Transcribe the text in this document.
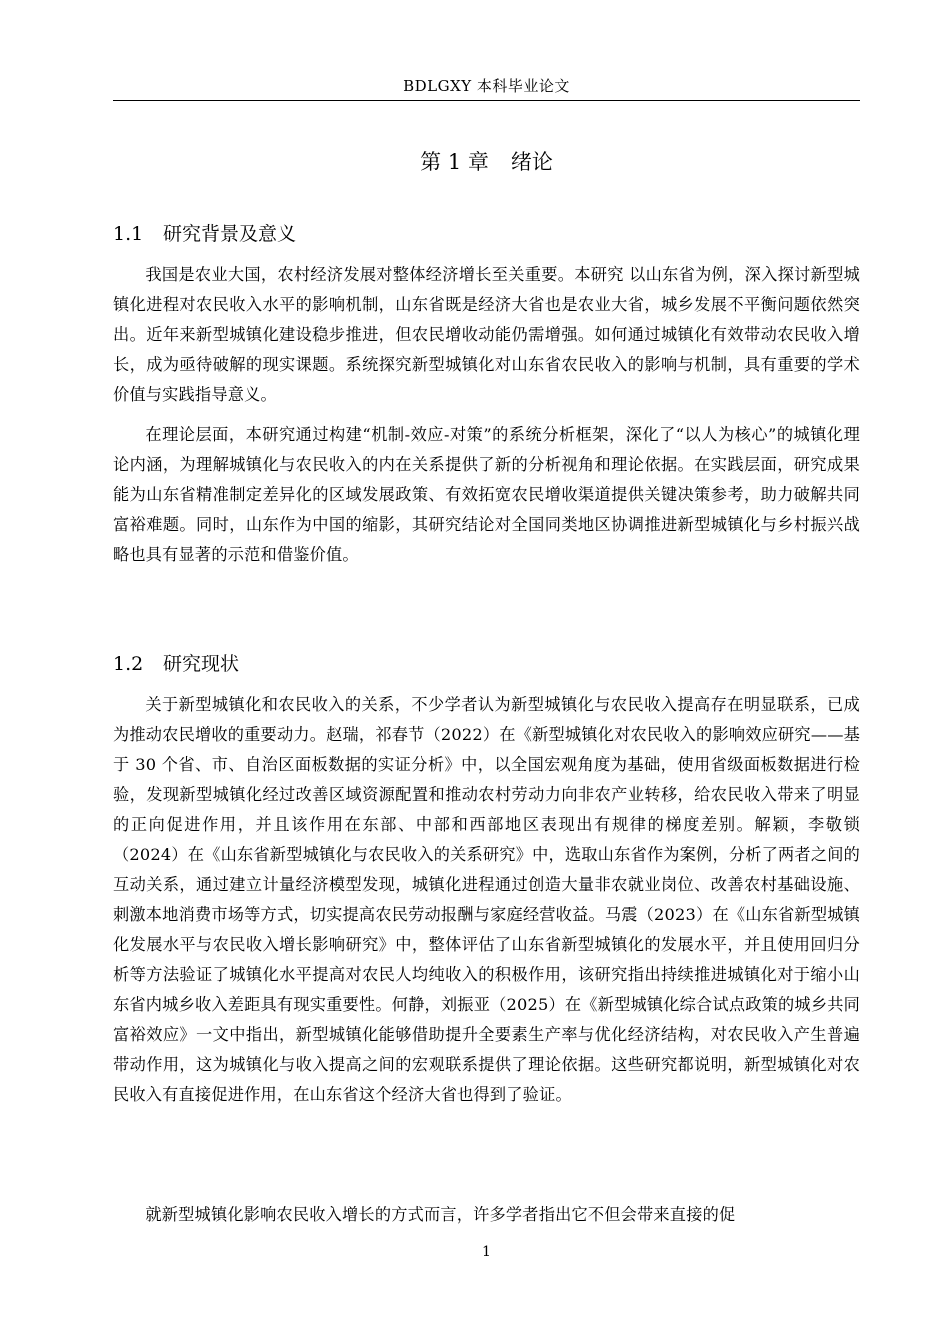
BDLGXY 本科毕业论文
第 1 章 绪论
1.1 研究背景及意义

我国是农业大国，农村经济发展对整体经济增长至关重要。本研究 以山东省为例，深入探讨新型城镇化进程对农民收入水平的影响机制，山东省既是经济大省也是农业大省，城乡发展不平衡问题依然突出。近年来新型城镇化建设稳步推进，但农民增收动能仍需增强。如何通过城镇化有效带动农民收入增长，成为亟待破解的现实课题。系统探究新型城镇化对山东省农民收入的影响与机制，具有重要的学术价值与实践指导意义。

在理论层面，本研究通过构建“机制-效应-对策”的系统分析框架，深化了“以人为核心”的城镇化理论内涵，为理解城镇化与农民收入的内在关系提供了新的分析视角和理论依据。在实践层面，研究成果能为山东省精准制定差异化的区域发展政策、有效拓宽农民增收渠道提供关键决策参考，助力破解共同富裕难题。同时，山东作为中国的缩影，其研究结论对全国同类地区协调推进新型城镇化与乡村振兴战略也具有显著的示范和借鉴价值。

1.2 研究现状

关于新型城镇化和农民收入的关系，不少学者认为新型城镇化与农民收入提高存在明显联系，已成为推动农民增收的重要动力。赵瑞，祁春节（2022）在《新型城镇化对农民收入的影响效应研究——基于 30 个省、市、自治区面板数据的实证分析》中，以全国宏观角度为基础，使用省级面板数据进行检验，发现新型城镇化经过改善区域资源配置和推动农村劳动力向非农产业转移，给农民收入带来了明显的正向促进作用，并且该作用在东部、中部和西部地区表现出有规律的梯度差别。解颖，李敬锁（2024）在《山东省新型城镇化与农民收入的关系研究》中，选取山东省作为案例，分析了两者之间的互动关系，通过建立计量经济模型发现，城镇化进程通过创造大量非农就业岗位、改善农村基础设施、刺激本地消费市场等方式，切实提高农民劳动报酬与家庭经营收益。马震（2023）在《山东省新型城镇化发展水平与农民收入增长影响研究》中，整体评估了山东省新型城镇化的发展水平，并且使用回归分析等方法验证了城镇化水平提高对农民人均纯收入的积极作用，该研究指出持续推进城镇化对于缩小山东省内城乡收入差距具有现实重要性。何静，刘振亚（2025）在《新型城镇化综合试点政策的城乡共同富裕效应》一文中指出，新型城镇化能够借助提升全要素生产率与优化经济结构，对农民收入产生普遍带动作用，这为城镇化与收入提高之间的宏观联系提供了理论依据。这些研究都说明，新型城镇化对农民收入有直接促进作用，在山东省这个经济大省也得到了验证。

就新型城镇化影响农民收入增长的方式而言，许多学者指出它不但会带来直接的促

1
